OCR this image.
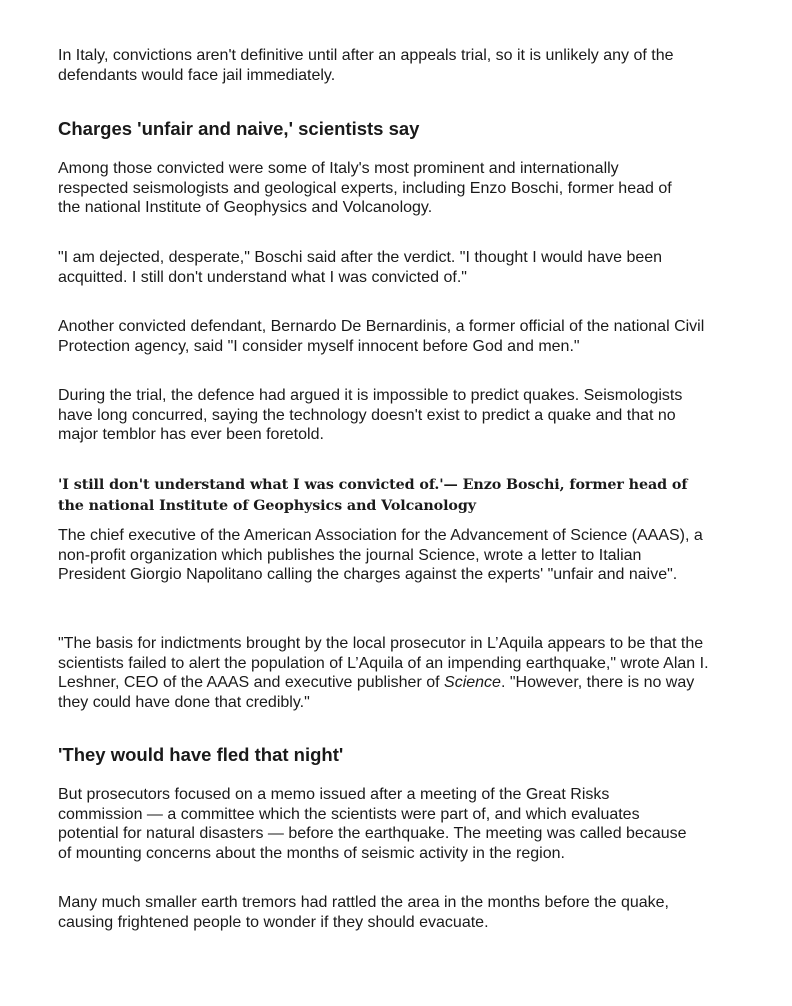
In Italy, convictions aren't definitive until after an appeals trial, so it is unlikely any of the defendants would face jail immediately.

Charges 'unfair and naive,' scientists say

Among those convicted were some of Italy's most prominent and internationally respected seismologists and geological experts, including Enzo Boschi, former head of the national Institute of Geophysics and Volcanology.

"I am dejected, desperate," Boschi said after the verdict. "I thought I would have been acquitted. I still don't understand what I was convicted of."

Another convicted defendant, Bernardo De Bernardinis, a former official of the national Civil Protection agency, said "I consider myself innocent before God and men."

During the trial, the defence had argued it is impossible to predict quakes. Seismologists have long concurred, saying the technology doesn't exist to predict a quake and that no major temblor has ever been foretold.

'I still don't understand what I was convicted of.'— Enzo Boschi, former head of the national Institute of Geophysics and Volcanology

The chief executive of the American Association for the Advancement of Science (AAAS), a non-profit organization which publishes the journal Science, wrote a letter to Italian President Giorgio Napolitano calling the charges against the experts' "unfair and naive".

"The basis for indictments brought by the local prosecutor in L’Aquila appears to be that the scientists failed to alert the population of L’Aquila of an impending earthquake," wrote Alan I. Leshner, CEO of the AAAS and executive publisher of Science. "However, there is no way they could have done that credibly."

'They would have fled that night'

But prosecutors focused on a memo issued after a meeting of the Great Risks commission — a committee which the scientists were part of, and which evaluates potential for natural disasters — before the earthquake. The meeting was called because of mounting concerns about the months of seismic activity in the region.

Many much smaller earth tremors had rattled the area in the months before the quake, causing frightened people to wonder if they should evacuate.
